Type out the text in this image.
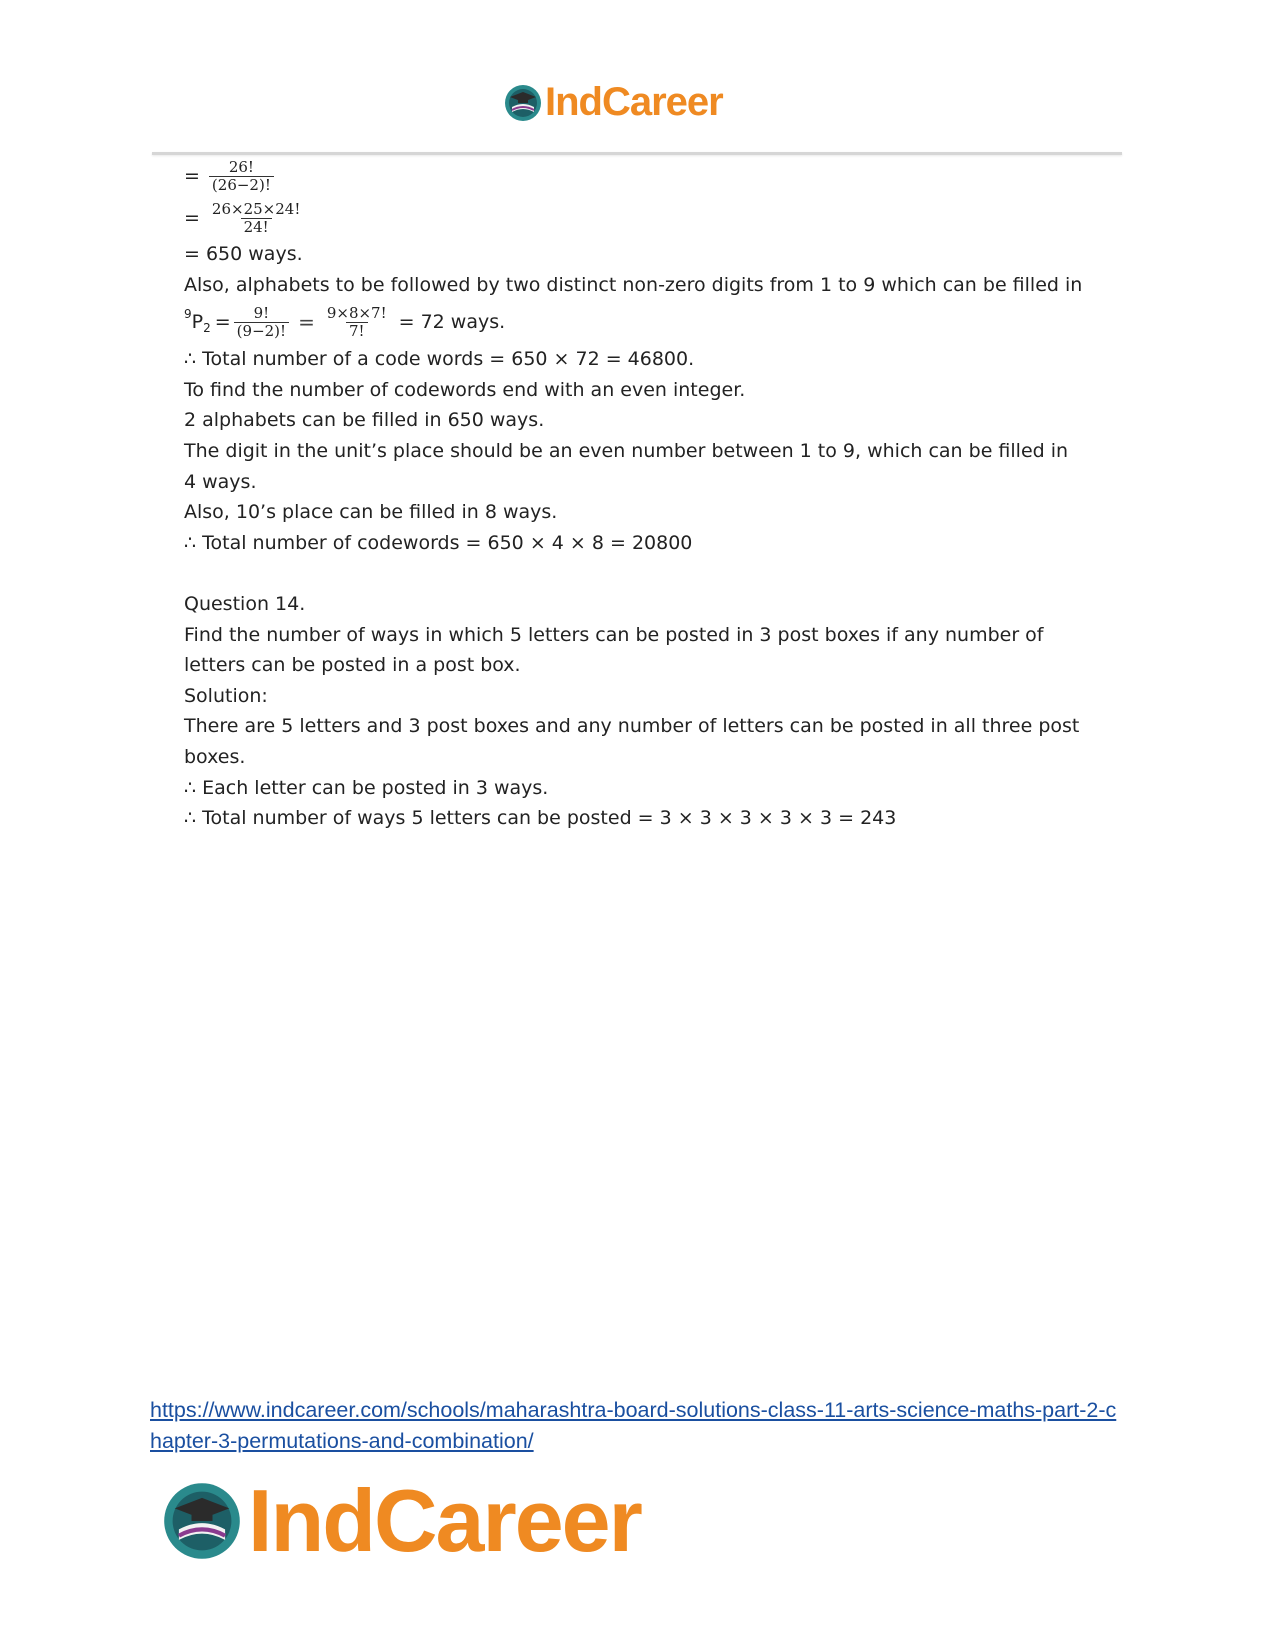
IndCareer
= $\frac{26!}{(26-2)!}$
= $\frac{26\times 25\times 24!}{24!}$
= 650 ways.
Also, alphabets to be followed by two distinct non-zero digits from 1 to 9 which can be filled in
$^9$ $P_2 = \frac{9!}{(9-2)!} = \frac{9\times 8\times 7!}{7!} = 72$ ways.
∴ Total number of a code words = 650 × 72 = 46800.
To find the number of codewords end with an even integer.
2 alphabets can be filled in 650 ways.
The digit in the unit’s place should be an even number between 1 to 9, which can be filled in 4 ways.
Also, 10’s place can be filled in 8 ways.
∴ Total number of codewords = 650 × 4 × 8 = 20800
Question 14.
Find the number of ways in which 5 letters can be posted in 3 post boxes if any number of letters can be posted in a post box.
Solution:
There are 5 letters and 3 post boxes and any number of letters can be posted in all three post boxes.
∴ Each letter can be posted in 3 ways.
∴ Total number of ways 5 letters can be posted = 3 × 3 × 3 × 3 × 3 = 243
https://www.indcareer.com/schools/maharashtra-board-solutions-class-11-arts-science-maths-part-2-chapter-3-permutations-and-combination/
IndCareer
